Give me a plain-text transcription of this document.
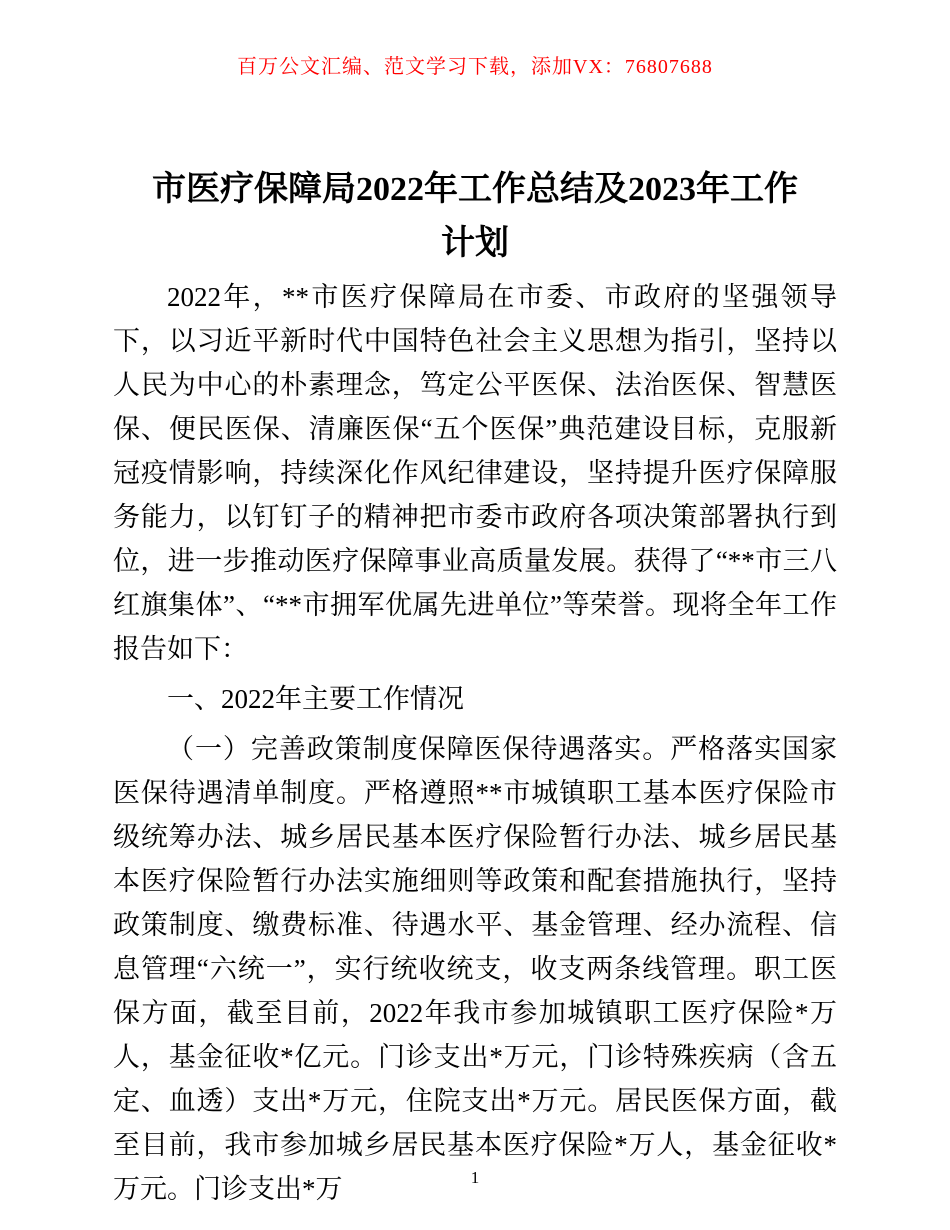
百万公文汇编、范文学习下载，添加VX：76807688
市医疗保障局2022年工作总结及2023年工作
计划

2022年，**市医疗保障局在市委、市政府的坚强领导下，以习近平新时代中国特色社会主义思想为指引，坚持以人民为中心的朴素理念，笃定公平医保、法治医保、智慧医保、便民医保、清廉医保“五个医保”典范建设目标，克服新冠疫情影响，持续深化作风纪律建设，坚持提升医疗保障服务能力，以钉钉子的精神把市委市政府各项决策部署执行到位，进一步推动医疗保障事业高质量发展。获得了“**市三八红旗集体”、“**市拥军优属先进单位”等荣誉。现将全年工作报告如下：

一、2022年主要工作情况

（一）完善政策制度保障医保待遇落实。严格落实国家医保待遇清单制度。严格遵照**市城镇职工基本医疗保险市级统筹办法、城乡居民基本医疗保险暂行办法、城乡居民基本医疗保险暂行办法实施细则等政策和配套措施执行，坚持政策制度、缴费标准、待遇水平、基金管理、经办流程、信息管理“六统一”，实行统收统支，收支两条线管理。职工医保方面，截至目前，2022年我市参加城镇职工医疗保险*万人，基金征收*亿元。门诊支出*万元，门诊特殊疾病（含五定、血透）支出*万元，住院支出*万元。居民医保方面，截至目前，我市参加城乡居民基本医疗保险*万人，基金征收*万元。门诊支出*万	1
